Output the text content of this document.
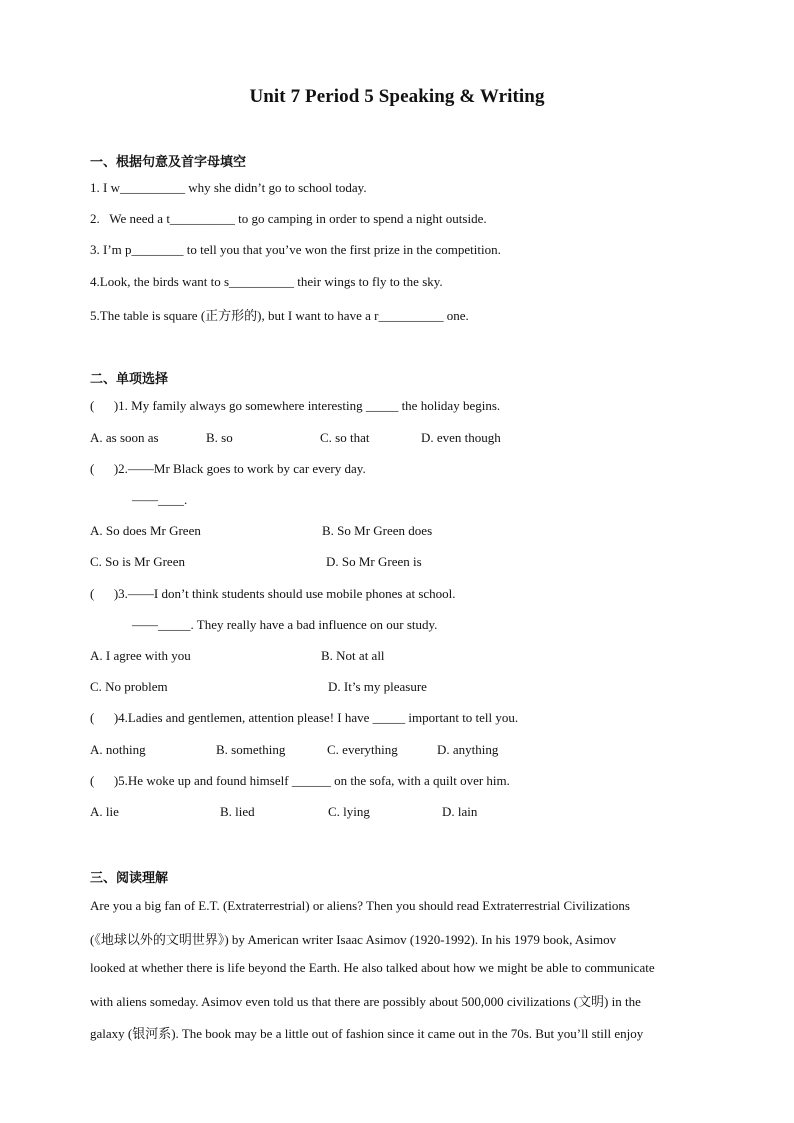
Unit 7 Period 5 Speaking & Writing
一、根据句意及首字母填空
1. I w__________ why she didn’t go to school today.
2.   We need a t__________ to go camping in order to spend a night outside.
3. I’m p________ to tell you that you’ve won the first prize in the competition.
4.Look, the birds want to s__________ their wings to fly to the sky.
5.The table is square (正方形的), but I want to have a r__________ one.
二、单项选择
(      )1. My family always go somewhere interesting _____ the holiday begins.
A. as soon as	B. so	C. so that	D. even though
(      )2.——Mr Black goes to work by car every day.
——____.
A. So does Mr Green	B. So Mr Green does
C. So is Mr Green	D. So Mr Green is
(      )3.——I don’t think students should use mobile phones at school.
——_____. They really have a bad influence on our study.
A. I agree with you	B. Not at all
C. No problem	D. It’s my pleasure
(      )4.Ladies and gentlemen, attention please! I have _____ important to tell you.
A. nothing	B. something	C. everything	D. anything
(      )5.He woke up and found himself ______ on the sofa, with a quilt over him.
A. lie	B. lied	C. lying	D. lain
三、阅读理解
Are you a big fan of E.T. (Extraterrestrial) or aliens? Then you should read Extraterrestrial Civilizations
(《地球以外的文明世界》) by American writer Isaac Asimov (1920-1992). In his 1979 book, Asimov
looked at whether there is life beyond the Earth. He also talked about how we might be able to communicate
with aliens someday. Asimov even told us that there are possibly about 500,000 civilizations (文明) in the
galaxy (银河系). The book may be a little out of fashion since it came out in the 70s. But you’ll still enjoy
